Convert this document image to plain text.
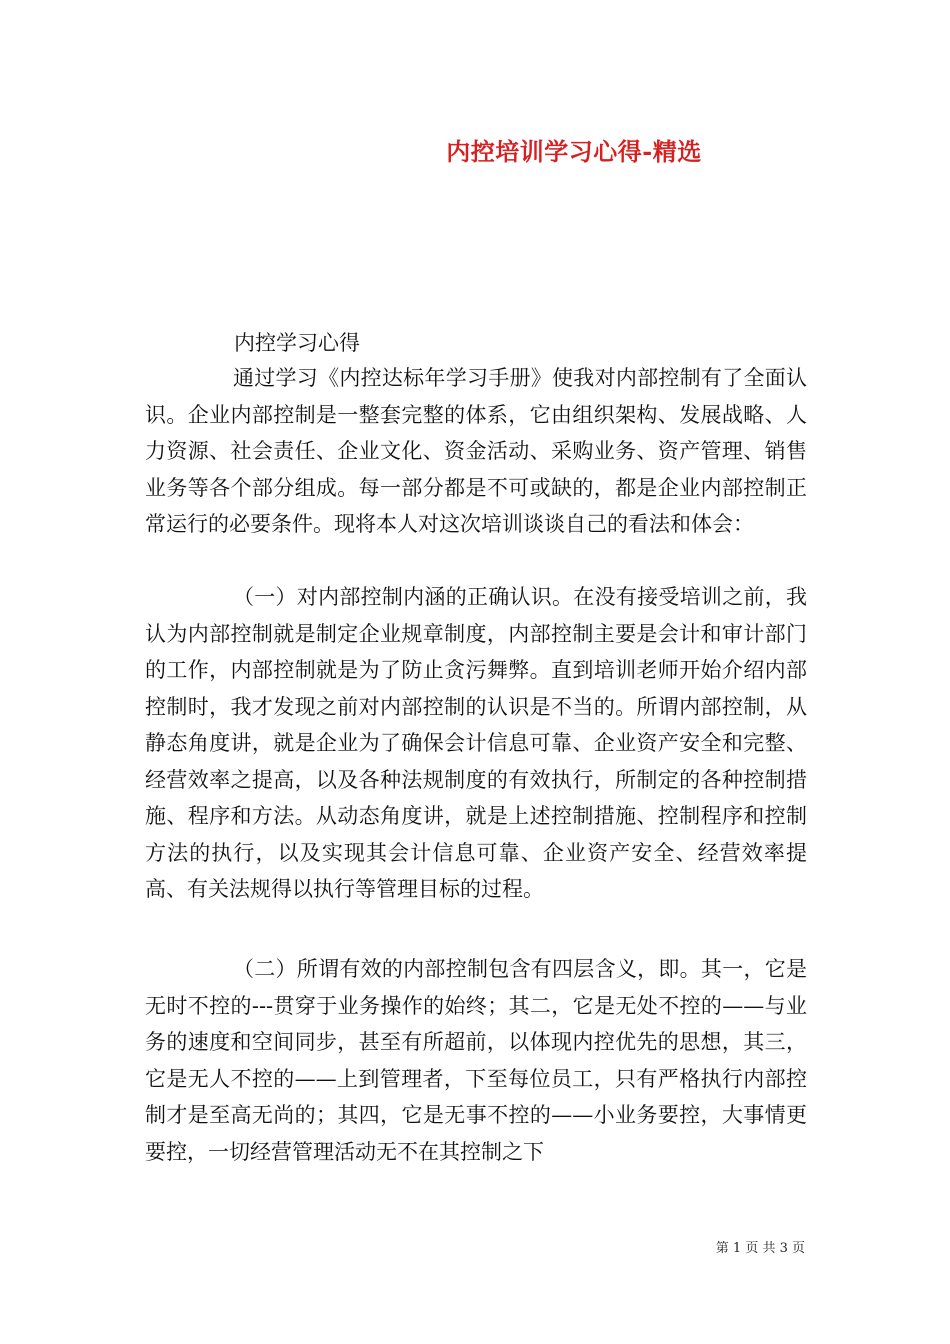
内控培训学习心得-精选
内控学习心得

通过学习《内控达标年学习手册》使我对内部控制有了全面认识。企业内部控制是一整套完整的体系，它由组织架构、发展战略、人力资源、社会责任、企业文化、资金活动、采购业务、资产管理、销售业务等各个部分组成。每一部分都是不可或缺的，都是企业内部控制正常运行的必要条件。现将本人对这次培训谈谈自己的看法和体会：

（一）对内部控制内涵的正确认识。在没有接受培训之前，我认为内部控制就是制定企业规章制度，内部控制主要是会计和审计部门的工作，内部控制就是为了防止贪污舞弊。直到培训老师开始介绍内部控制时，我才发现之前对内部控制的认识是不当的。所谓内部控制，从静态角度讲，就是企业为了确保会计信息可靠、企业资产安全和完整、经营效率之提高，以及各种法规制度的有效执行，所制定的各种控制措施、程序和方法。从动态角度讲，就是上述控制措施、控制程序和控制方法的执行，以及实现其会计信息可靠、企业资产安全、经营效率提高、有关法规得以执行等管理目标的过程。

（二）所谓有效的内部控制包含有四层含义，即。其一，它是无时不控的---贯穿于业务操作的始终；其二，它是无处不控的——与业务的速度和空间同步，甚至有所超前，以体现内控优先的思想，其三，它是无人不控的——上到管理者，下至每位员工，只有严格执行内部控制才是至高无尚的；其四，它是无事不控的——小业务要控，大事情更要控，一切经营管理活动无不在其控制之下

第 1 页 共 3 页
